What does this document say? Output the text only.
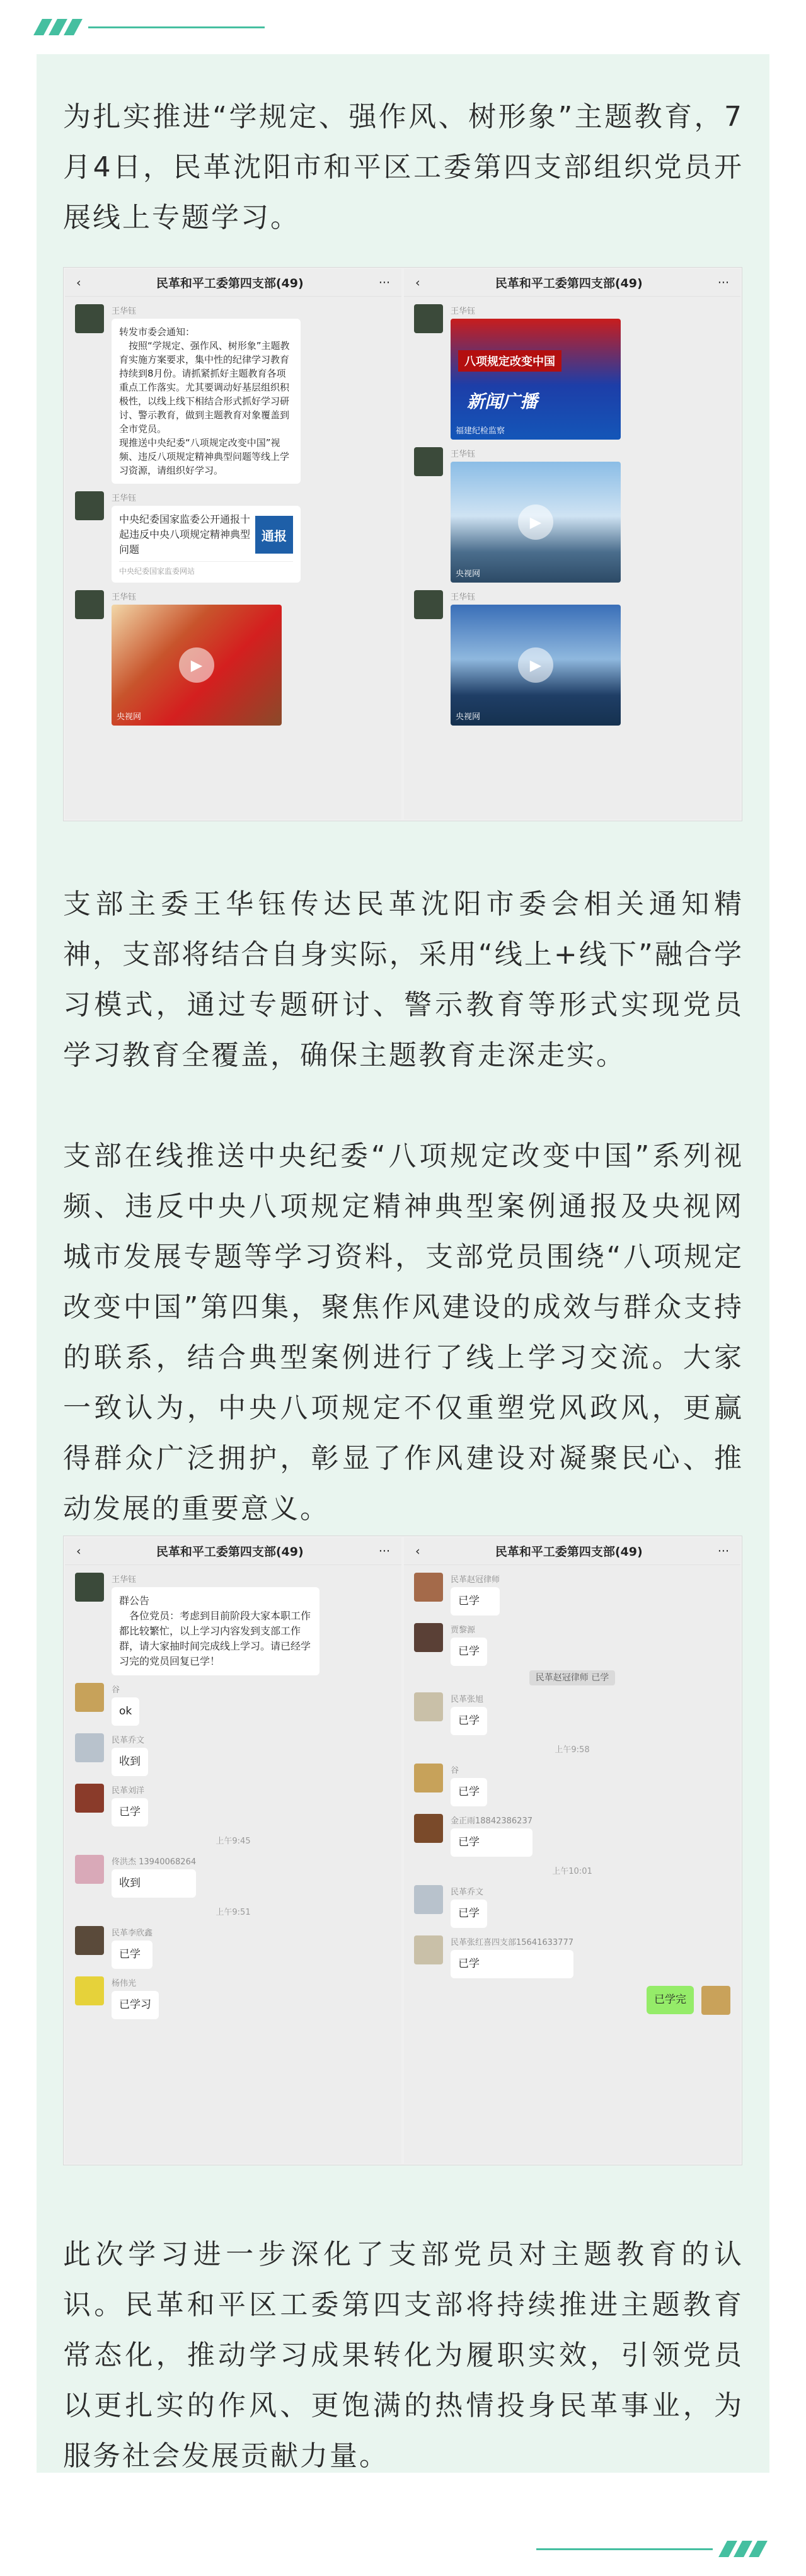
为扎实推进“学规定、强作风、树形象”主题教育，7月4日，民革沈阳市和平区工委第四支部组织党员开展线上专题学习。

‹	民革和平工委第四支部(49)	···
王华钰
转发市委会通知：
　按照“学规定、强作风、树形象”主题教育实施方案要求，集中性的纪律学习教育持续到8月份。请抓紧抓好主题教育各项重点工作落实。尤其要调动好基层组织积极性，以线上线下相结合形式抓好学习研讨、警示教育，做到主题教育对象覆盖到全市党员。
现推送中央纪委“八项规定改变中国”视频、违反八项规定精神典型问题等线上学习资源，请组织好学习。
王华钰
通报
中央纪委国家监委公开通报十起违反中央八项规定精神典型问题
中央纪委国家监委网站
王华钰
▶
央视网
‹	民革和平工委第四支部(49)	···
王华钰
八项规定改变中国
新闻广播
福建纪检监察
王华钰
▶
央视网
王华钰
▶
央视网

支部主委王华钰传达民革沈阳市委会相关通知精神，支部将结合自身实际，采用“线上+线下”融合学习模式，通过专题研讨、警示教育等形式实现党员学习教育全覆盖，确保主题教育走深走实。

支部在线推送中央纪委“八项规定改变中国”系列视频、违反中央八项规定精神典型案例通报及央视网城市发展专题等学习资料，支部党员围绕“八项规定改变中国”第四集，聚焦作风建设的成效与群众支持的联系，结合典型案例进行了线上学习交流。大家一致认为，中央八项规定不仅重塑党风政风，更赢得群众广泛拥护，彰显了作风建设对凝聚民心、推动发展的重要意义。

‹	民革和平工委第四支部(49)	···
王华钰
群公告
　各位党员：考虑到目前阶段大家本职工作都比较繁忙，以上学习内容发到支部工作群，请大家抽时间完成线上学习。请已经学习完的党员回复已学！
谷
ok
民革乔文
收到
民革刘洋
已学
上午9:45
佟洪杰 13940068264
收到
上午9:51
民革李欣鑫
已学
杨伟光
已学习
‹	民革和平工委第四支部(49)	···
民革赵冠律师
已学
贾黎源
已学
民革赵冠律师 已学
民革张旭
已学
上午9:58
谷
已学
金正雨18842386237
已学
上午10:01
民革乔文
已学
民革张红喜四支部15641633777
已学
已学完

此次学习进一步深化了支部党员对主题教育的认识。民革和平区工委第四支部将持续推进主题教育常态化，推动学习成果转化为履职实效，引领党员以更扎实的作风、更饱满的热情投身民革事业，为服务社会发展贡献力量。
